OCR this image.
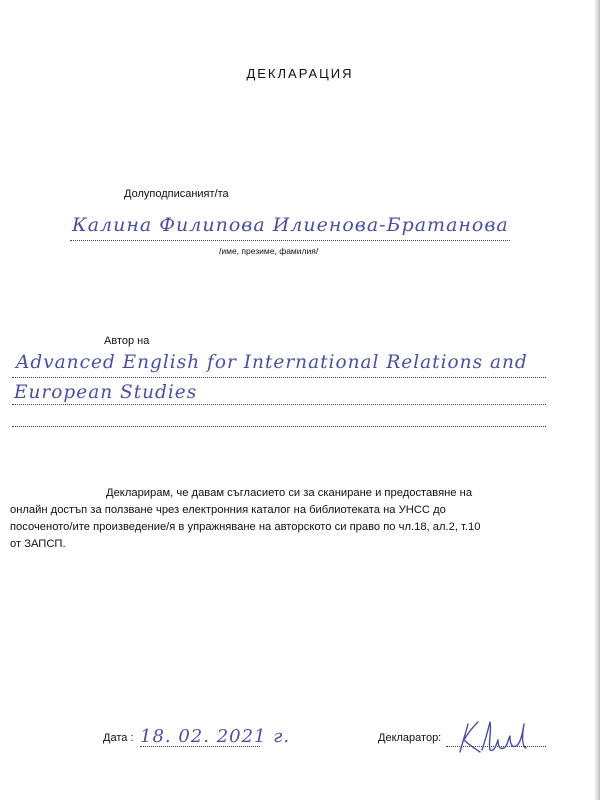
ДЕКЛАРАЦИЯ
Долуподписаният/та
Калина Филипова Илиенова-Братанова
/име, презиме, фамилия/
Автор на
Advanced English for International Relations and
European Studies
Декларирам, че давам съгласието си за сканиране и предоставяне на
онлайн достъп за ползване чрез електронния каталог на библиотеката на УНСС до
посоченото/ите произведение/я в упражняване на авторското си право по чл.18, ал.2, т.10
от ЗАПСП.
Дата : 18. 02. 2021 г.	Декларатор:
